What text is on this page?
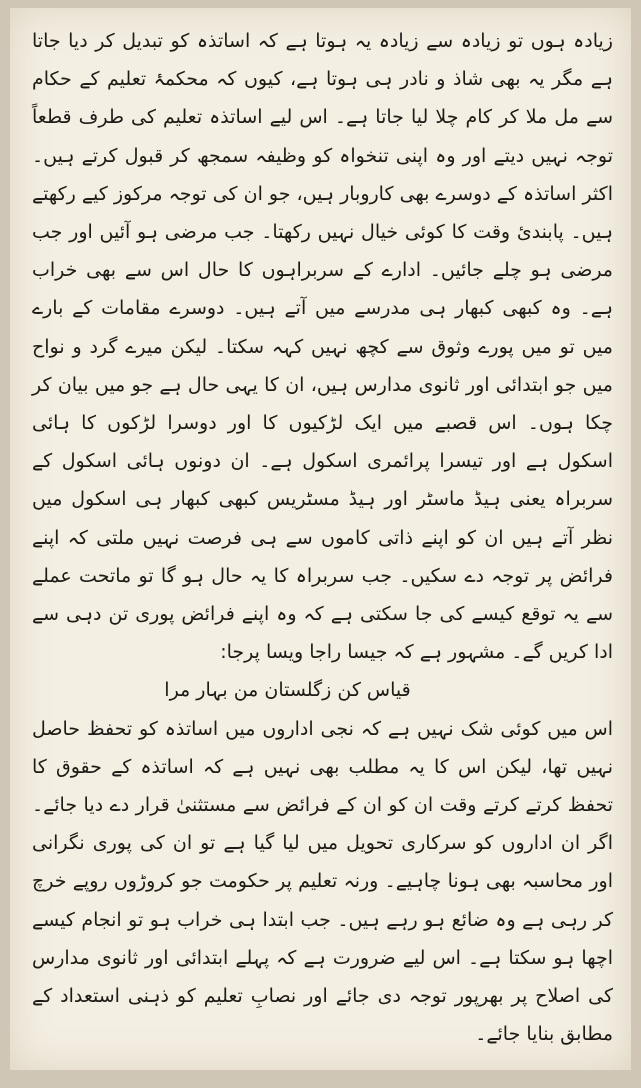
زیادہ ہوں تو زیادہ سے زیادہ یہ ہوتا ہے کہ اساتذہ کو تبدیل کر دیا جاتا ہے مگر یہ بھی شاذ و نادر ہی ہوتا ہے، کیوں کہ محکمۂ تعلیم کے حکام سے مل ملا کر کام چلا لیا جاتا ہے۔ اس لیے اساتذہ تعلیم کی طرف قطعاً توجہ نہیں دیتے اور وہ اپنی تنخواہ کو وظیفہ سمجھ کر قبول کرتے ہیں۔ اکثر اساتذہ کے دوسرے بھی کاروبار ہیں، جو ان کی توجہ مرکوز کیے رکھتے ہیں۔ پابندیٔ وقت کا کوئی خیال نہیں رکھتا۔ جب مرضی ہو آئیں اور جب مرضی ہو چلے جائیں۔ ادارے کے سربراہوں کا حال اس سے بھی خراب ہے۔ وہ کبھی کبھار ہی مدرسے میں آتے ہیں۔ دوسرے مقامات کے بارے میں تو میں پورے وثوق سے کچھ نہیں کہہ سکتا۔ لیکن میرے گرد و نواح میں جو ابتدائی اور ثانوی مدارس ہیں، ان کا یہی حال ہے جو میں بیان کر چکا ہوں۔ اس قصبے میں ایک لڑکیوں کا اور دوسرا لڑکوں کا ہائی اسکول ہے اور تیسرا پرائمری اسکول ہے۔ ان دونوں ہائی اسکول کے سربراہ یعنی ہیڈ ماسٹر اور ہیڈ مسٹریس کبھی کبھار ہی اسکول میں نظر آتے ہیں ان کو اپنے ذاتی کاموں سے ہی فرصت نہیں ملتی کہ اپنے فرائض پر توجہ دے سکیں۔ جب سربراہ کا یہ حال ہو گا تو ماتحت عملے سے یہ توقع کیسے کی جا سکتی ہے کہ وہ اپنے فرائض پوری تن دہی سے ادا کریں گے۔ مشہور ہے کہ جیسا راجا ویسا پرجا:

قیاس کن زگلستان من بہار مرا

اس میں کوئی شک نہیں ہے کہ نجی اداروں میں اساتذہ کو تحفظ حاصل نہیں تھا، لیکن اس کا یہ مطلب بھی نہیں ہے کہ اساتذہ کے حقوق کا تحفظ کرتے کرتے وقت ان کو ان کے فرائض سے مستثنیٰ قرار دے دیا جائے۔ اگر ان اداروں کو سرکاری تحویل میں لیا گیا ہے تو ان کی پوری نگرانی اور محاسبہ بھی ہونا چاہیے۔ ورنہ تعلیم پر حکومت جو کروڑوں روپے خرچ کر رہی ہے وہ ضائع ہو رہے ہیں۔ جب ابتدا ہی خراب ہو تو انجام کیسے اچھا ہو سکتا ہے۔ اس لیے ضرورت ہے کہ پہلے ابتدائی اور ثانوی مدارس کی اصلاح پر بھرپور توجہ دی جائے اور نصابِ تعلیم کو ذہنی استعداد کے مطابق بنایا جائے۔
